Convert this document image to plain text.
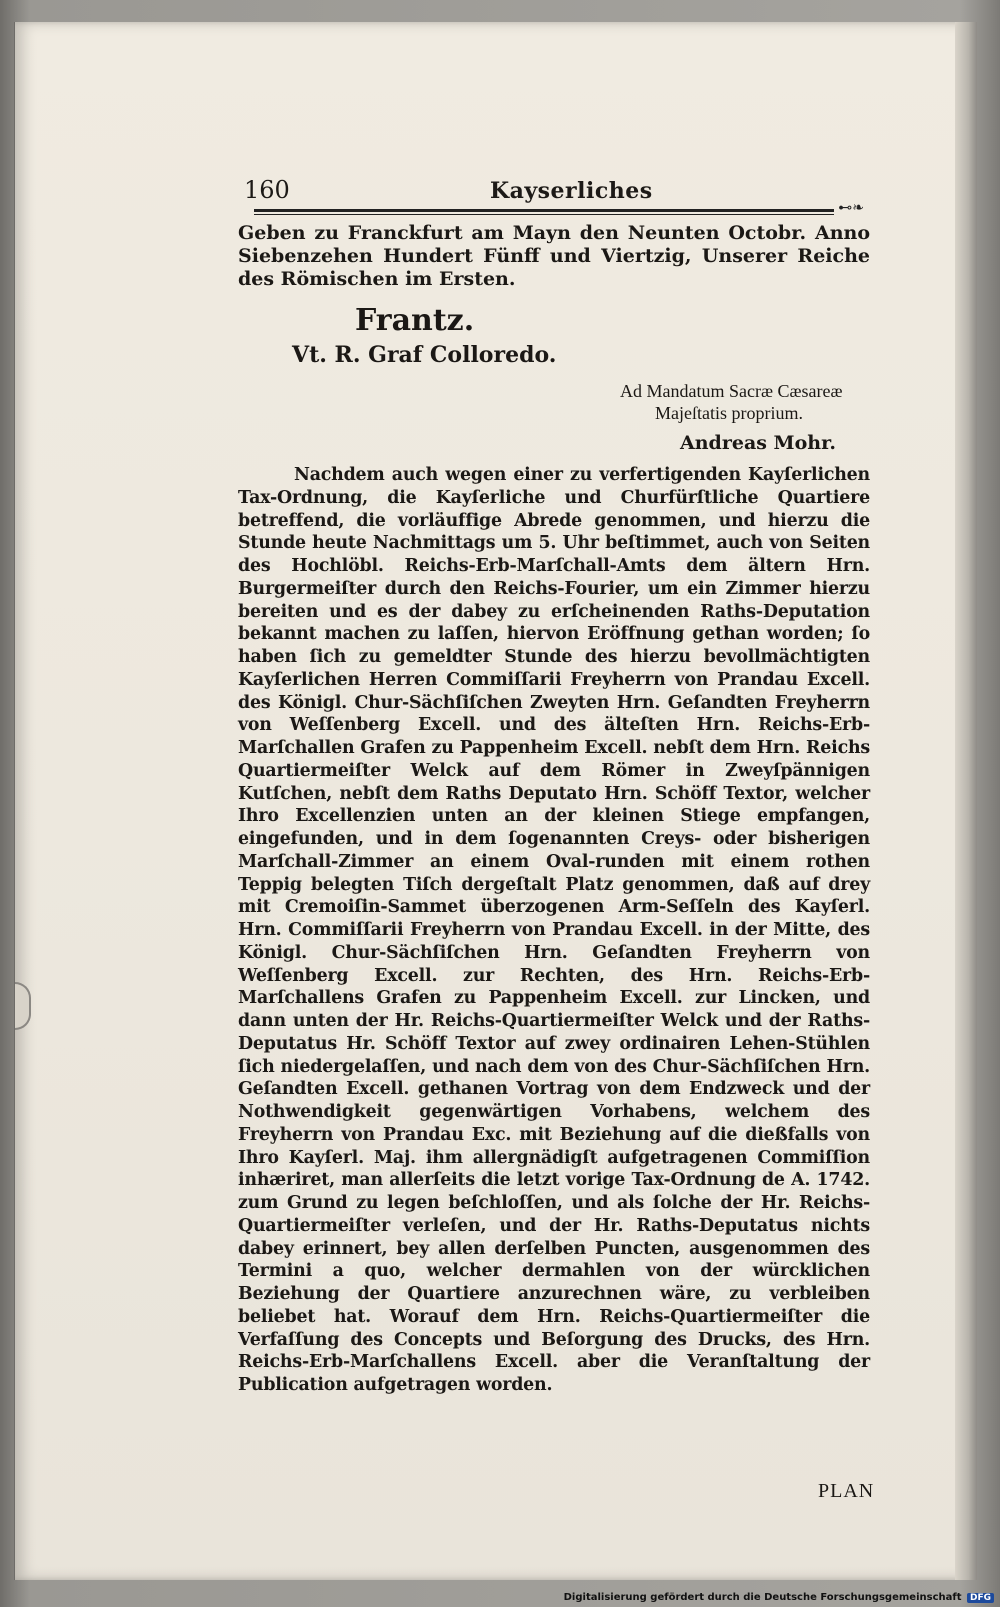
160	Kayserliches
⊷❧
Geben zu Franckfurt am Mayn den Neunten Octobr. Anno Siebenzehen Hundert Fünff und Viertzig, Unserer Reiche des Römischen im Ersten.
Frantz.
Vt. R. Graf Colloredo.
Ad Mandatum Sacræ Cæsareæ
Majeſtatis proprium.
Andreas Mohr.
Nachdem auch wegen einer zu verfertigenden Kayſerlichen Tax-Ordnung, die Kayſerliche und Churfürſtliche Quartiere betreffend, die vorläuffige Abrede genommen, und hierzu die Stunde heute Nachmittags um 5. Uhr beſtimmet, auch von Seiten des Hochlöbl. Reichs-Erb-Marſchall-Amts dem ältern Hrn. Burgermeiſter durch den Reichs-Fourier, um ein Zimmer hierzu bereiten und es der dabey zu erſcheinenden Raths-Deputation bekannt machen zu laſſen, hiervon Eröffnung gethan worden; ſo haben ſich zu gemeldter Stunde des hierzu bevollmächtigten Kayſerlichen Herren Commiſſarii Freyherrn von Prandau Excell. des Königl. Chur-Sächſiſchen Zweyten Hrn. Geſandten Freyherrn von Weſſenberg Excell. und des älteſten Hrn. Reichs-Erb-Marſchallen Grafen zu Pappenheim Excell. nebſt dem Hrn. Reichs Quartiermeiſter Welck auf dem Römer in Zweyſpännigen Kutſchen, nebſt dem Raths Deputato Hrn. Schöff Textor, welcher Ihro Excellenzien unten an der kleinen Stiege empfangen, eingefunden, und in dem ſogenannten Creys- oder bisherigen Marſchall-Zimmer an einem Oval-runden mit einem rothen Teppig belegten Tiſch dergeſtalt Platz genommen, daß auf drey mit Cremoiſin-Sammet überzogenen Arm-Seſſeln des Kayſerl. Hrn. Commiſſarii Freyherrn von Prandau Excell. in der Mitte, des Königl. Chur-Sächſiſchen Hrn. Geſandten Freyherrn von Weſſenberg Excell. zur Rechten, des Hrn. Reichs-Erb-Marſchallens Grafen zu Pappenheim Excell. zur Lincken, und dann unten der Hr. Reichs-Quartiermeiſter Welck und der Raths-Deputatus Hr. Schöff Textor auf zwey ordinairen Lehen-Stühlen ſich niedergelaſſen, und nach dem von des Chur-Sächſiſchen Hrn. Geſandten Excell. gethanen Vortrag von dem Endzweck und der Nothwendigkeit gegenwärtigen Vorhabens, welchem des Freyherrn von Prandau Exc. mit Beziehung auf die dießfalls von Ihro Kayſerl. Maj. ihm allergnädigſt aufgetragenen Commiſſion inhæriret, man allerſeits die letzt vorige Tax-Ordnung de A. 1742. zum Grund zu legen beſchloſſen, und als ſolche der Hr. Reichs-Quartiermeiſter verleſen, und der Hr. Raths-Deputatus nichts dabey erinnert, bey allen derſelben Puncten, ausgenommen des Termini a quo, welcher dermahlen von der würcklichen Beziehung der Quartiere anzurechnen wäre, zu verbleiben beliebet hat. Worauf dem Hrn. Reichs-Quartiermeiſter die Verfaſſung des Concepts und Beſorgung des Drucks, des Hrn. Reichs-Erb-Marſchallens Excell. aber die Veranſtaltung der Publication aufgetragen worden.
PLAN
Digitalisierung gefördert durch die Deutsche Forschungsgemeinschaft DFG
